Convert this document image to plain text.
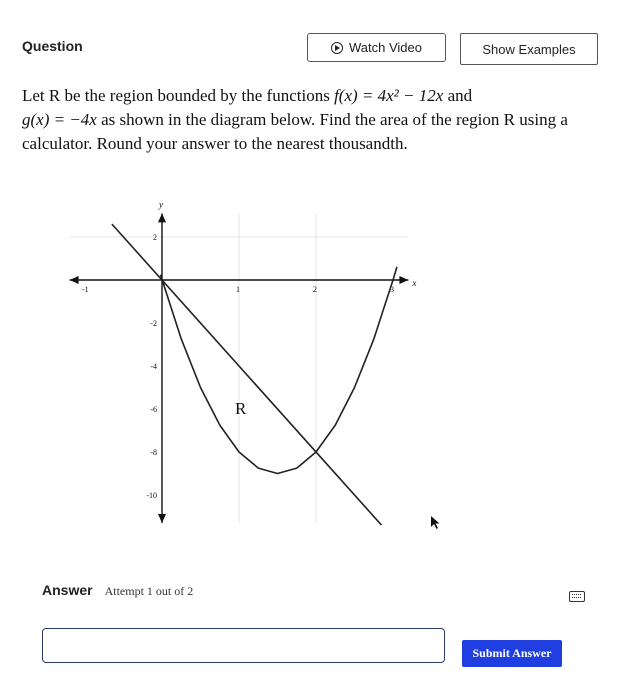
Question	Watch Video	Show Examples
Let R be the region bounded by the functions f(x) = 4x² − 12x and
g(x) = −4x as shown in the diagram below. Find the area of the region R using a calculator. Round your answer to the nearest thousandth.
x
y
-1	1	2	3
2
-2
-4
-6
-8
-10
R
Answer Attempt 1 out of 2
Submit Answer
